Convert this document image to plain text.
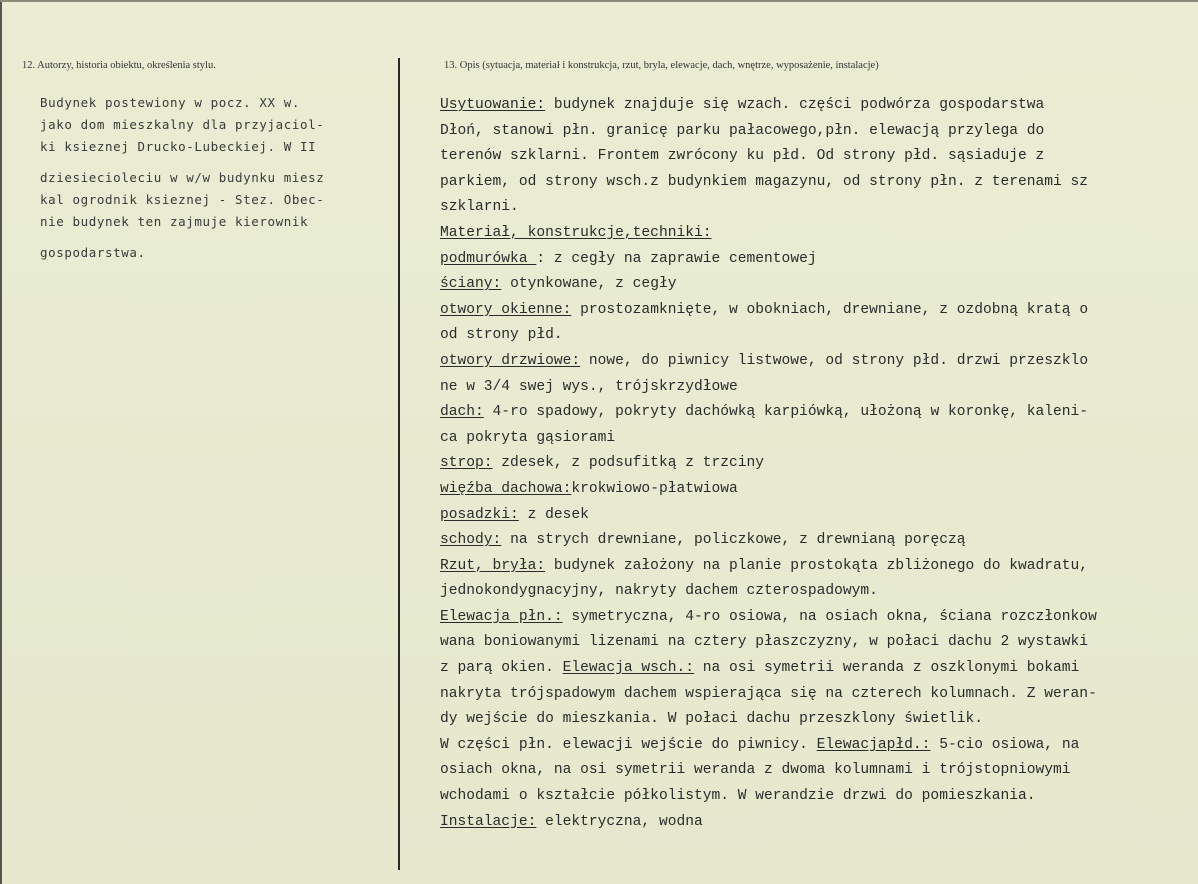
12. Autorzy, historia obiektu, określenia stylu.	13. Opis (sytuacja, materiał i konstrukcja, rzut, bryla, elewacje, dach, wnętrze, wyposażenie, instalacje)

Budynek postewiony w pocz. XX w.
jako dom mieszkalny dla przyjaciol-
ki ksieznej Drucko-Lubeckiej. W II
dziesiecioleciu w w/w budynku miesz
kal ogrodnik ksieznej - Stez. Obec-
nie budynek ten zajmuje kierownik
gospodarstwa.
Usytuowanie: budynek znajduje się wzach. części podwórza gospodarstwa
Dłoń, stanowi płn. granicę parku pałacowego,płn. elewacją przylega do
terenów szklarni. Frontem zwrócony ku płd. Od strony płd. sąsiaduje z
parkiem, od strony wsch.z budynkiem magazynu, od strony płn. z terenami sz
szklarni.
Materiał, konstrukcje,techniki:
podmurówka : z cegły na zaprawie cementowej
ściany: otynkowane, z cegły
otwory okienne: prostozamknięte, w obokniach, drewniane, z ozdobną kratą o
od strony płd.
otwory drzwiowe: nowe, do piwnicy listwowe, od strony płd. drzwi przeszklo
ne w 3/4 swej wys., trójskrzydłowe
dach: 4-ro spadowy, pokryty dachówką karpiówką, ułożoną w koronkę, kaleni-
ca pokryta gąsiorami
strop: zdesek, z podsufitką z trzciny
więźba dachowa:krokwiowo-płatwiowa
posadzki: z desek
schody: na strych drewniane, policzkowe, z drewnianą poręczą
Rzut, bryła: budynek założony na planie prostokąta zbliżonego do kwadratu,
jednokondygnacyjny, nakryty dachem czterospadowym.
Elewacja płn.: symetryczna, 4-ro osiowa, na osiach okna, ściana rozczłonkow
wana boniowanymi lizenami na cztery płaszczyzny, w połaci dachu 2 wystawki
z parą okien. Elewacja wsch.: na osi symetrii weranda z oszklonymi bokami
nakryta trójspadowym dachem wspierająca się na czterech kolumnach. Z weran-
dy wejście do mieszkania. W połaci dachu przeszklony świetlik.
W części płn. elewacji wejście do piwnicy. Elewacjapłd.: 5-cio osiowa, na
osiach okna, na osi symetrii weranda z dwoma kolumnami i trójstopniowymi
wchodami o kształcie półkolistym. W werandzie drzwi do pomieszkania.
Instalacje: elektryczna, wodna
